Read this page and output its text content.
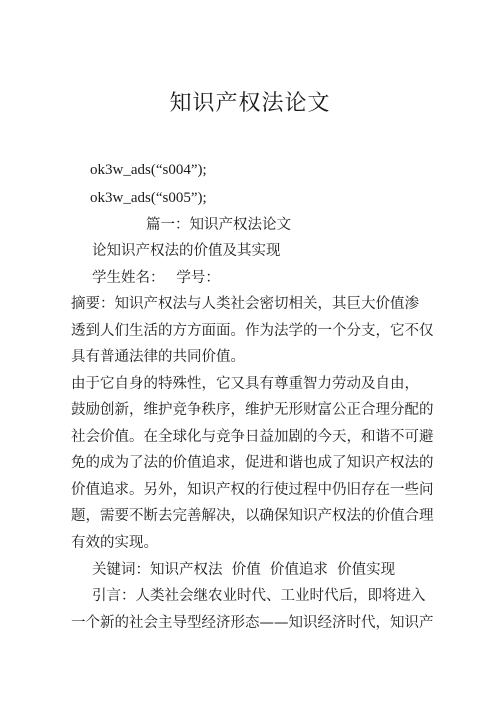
知识产权法论文
ok3w_ads(“s004”);
ok3w_ads(“s005”);
篇一：知识产权法论文
论知识产权法的价值及其实现
学生姓名：　 学号：
摘要：知识产权法与人类社会密切相关，其巨大价值渗
透到人们生活的方方面面。作为法学的一个分支，它不仅
具有普通法律的共同价值。
由于它自身的特殊性，它又具有尊重智力劳动及自由，
鼓励创新，维护竞争秩序，维护无形财富公正合理分配的
社会价值。在全球化与竞争日益加剧的今天，和谐不可避
免的成为了法的价值追求，促进和谐也成了知识产权法的
价值追求。另外，知识产权的行使过程中仍旧存在一些问
题，需要不断去完善解决，以确保知识产权法的价值合理
有效的实现。
关键词：知识产权法  价值  价值追求  价值实现
引言：人类社会继农业时代、工业时代后，即将进入
一个新的社会主导型经济形态——知识经济时代，知识产
